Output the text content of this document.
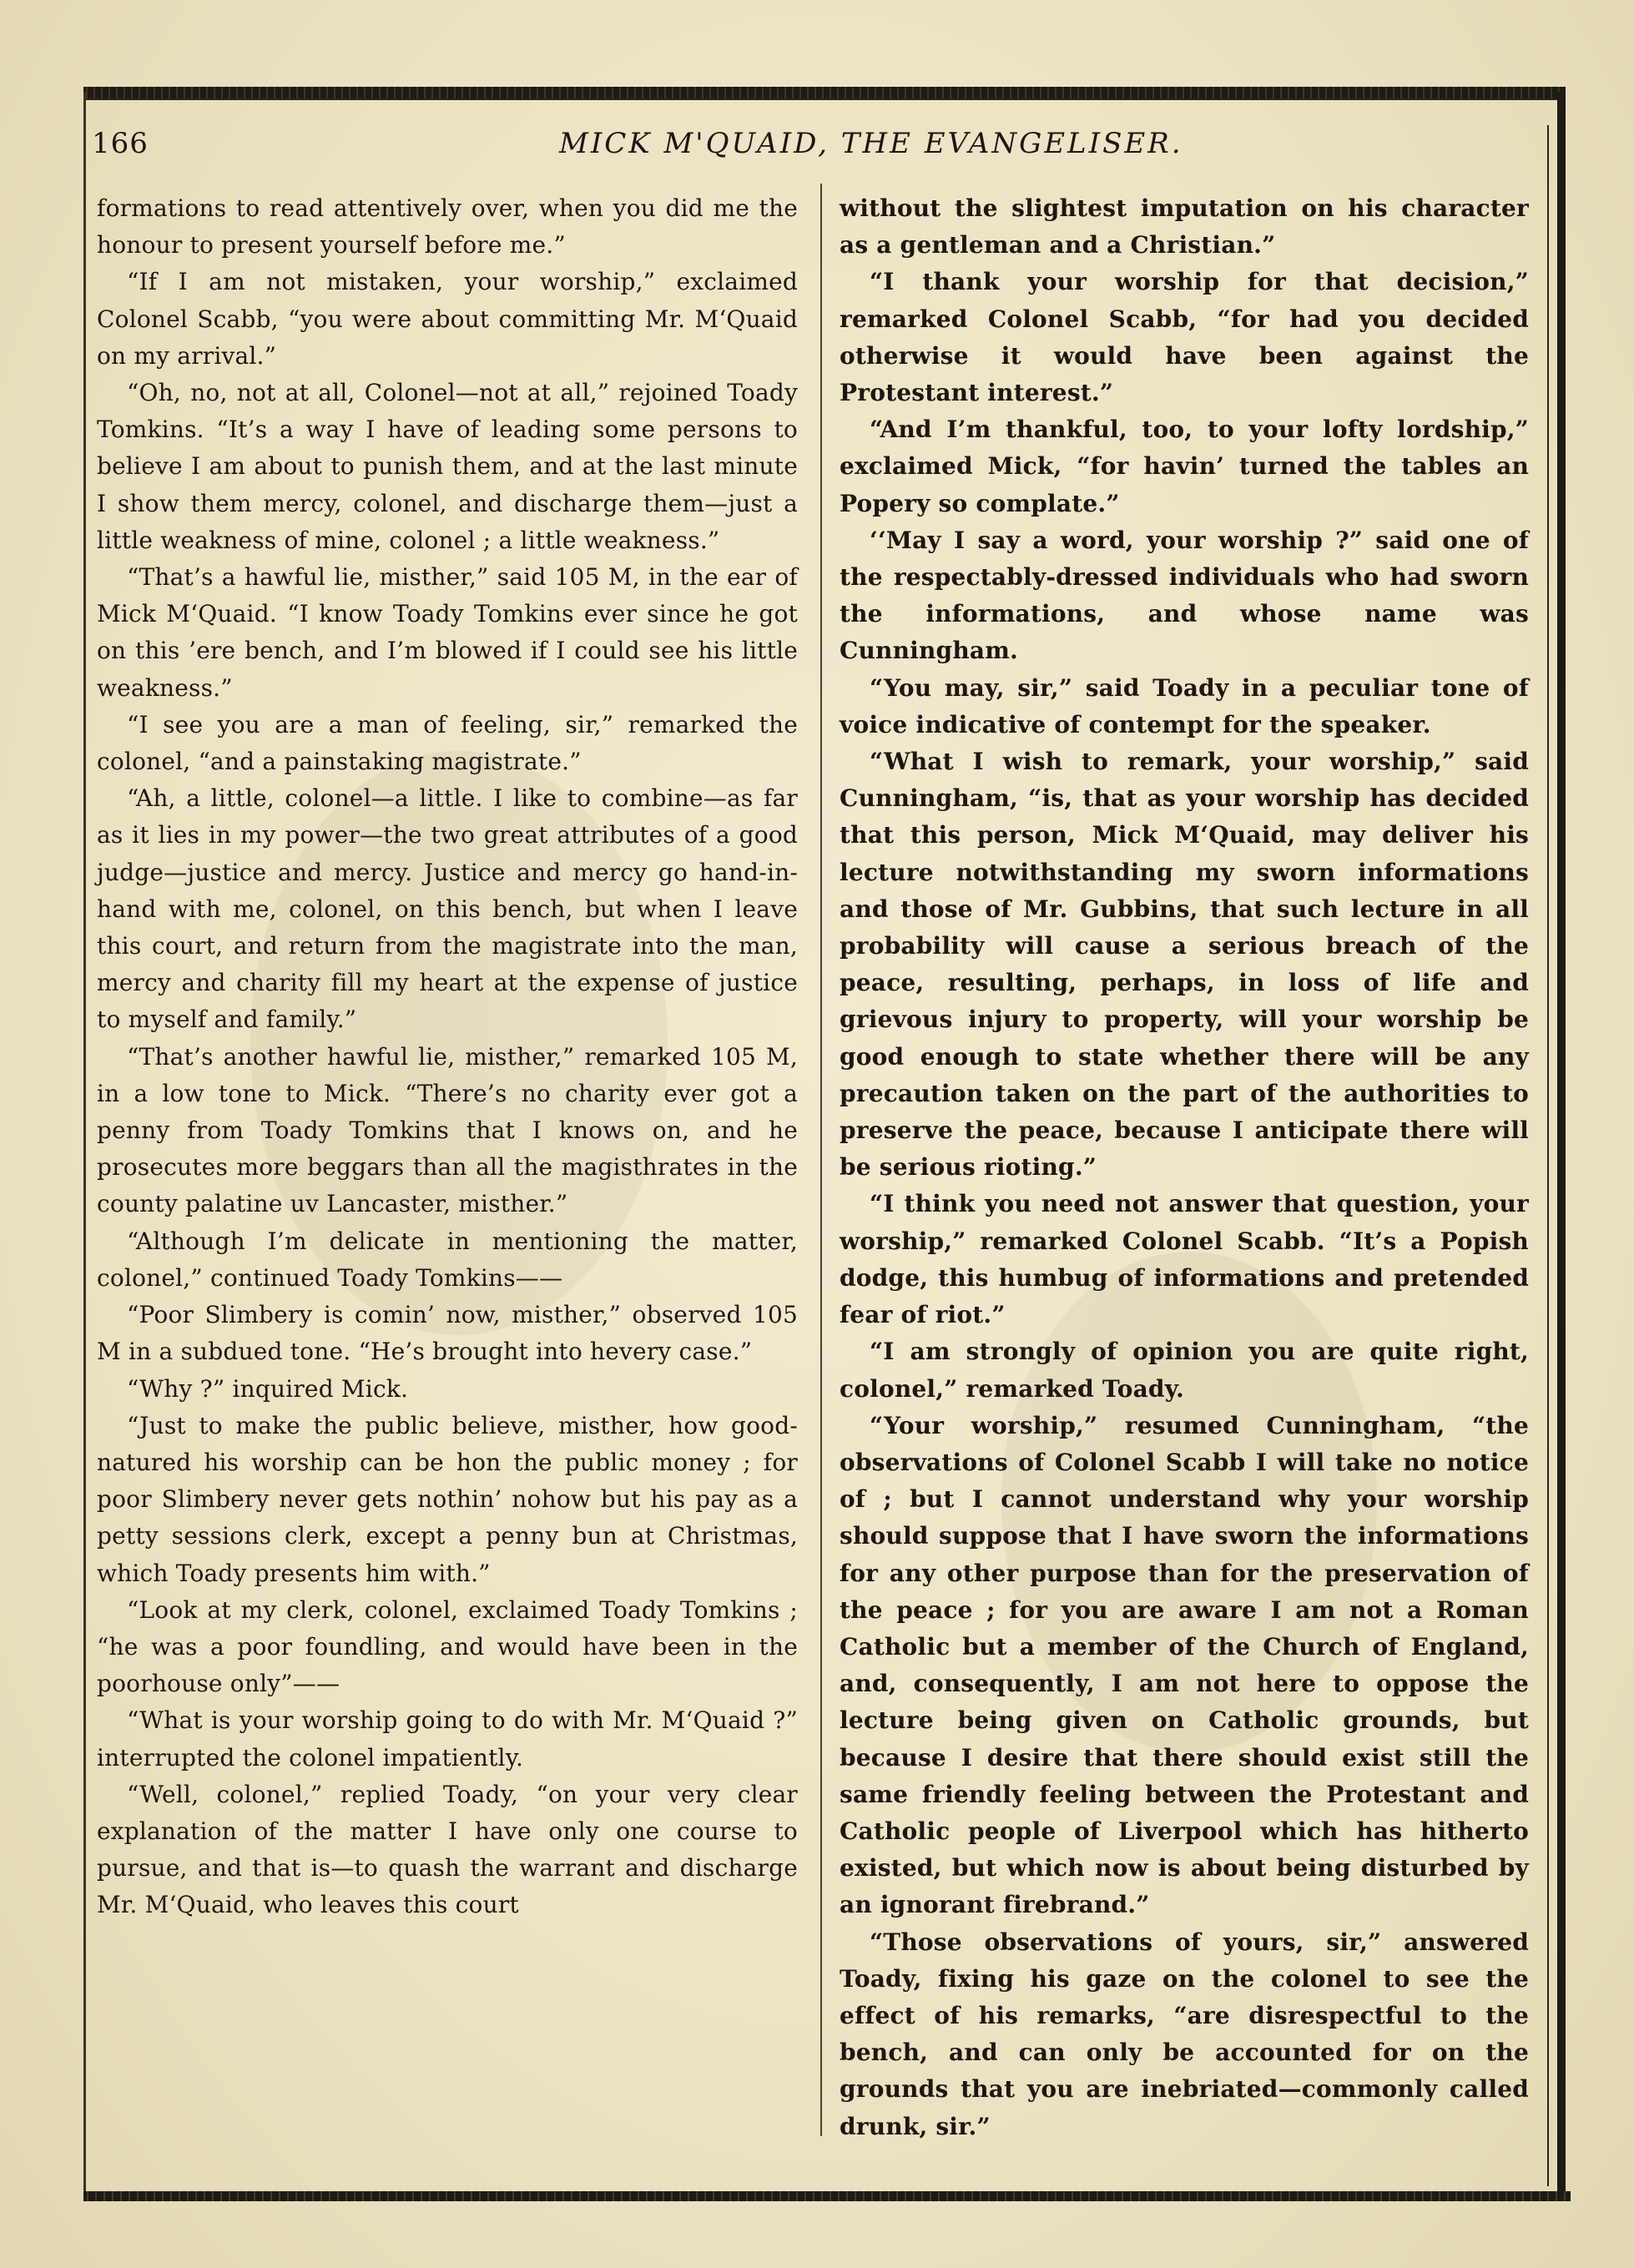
166	MICK M'QUAID, THE EVANGELISER.

formations to read attentively over, when you did me the honour to present yourself before me.”

“If I am not mistaken, your worship,” exclaimed Colonel Scabb, “you were about committing Mr. M‘Quaid on my arrival.”

“Oh, no, not at all, Colonel—not at all,” rejoined Toady Tomkins. “It’s a way I have of leading some persons to believe I am about to punish them, and at the last minute I show them mercy, colonel, and discharge them—just a little weakness of mine, colonel ; a little weakness.”

“That’s a hawful lie, misther,” said 105 M, in the ear of Mick M‘Quaid. “I know Toady Tomkins ever since he got on this ’ere bench, and I’m blowed if I could see his little weakness.”

“I see you are a man of feeling, sir,” remarked the colonel, “and a painstaking magistrate.”

“Ah, a little, colonel—a little. I like to combine—as far as it lies in my power—the two great attributes of a good judge—justice and mercy. Justice and mercy go hand-in-hand with me, colonel, on this bench, but when I leave this court, and return from the magistrate into the man, mercy and charity fill my heart at the expense of justice to myself and family.”

“That’s another hawful lie, misther,” remarked 105 M, in a low tone to Mick. “There’s no charity ever got a penny from Toady Tomkins that I knows on, and he prosecutes more beggars than all the magisthrates in the county palatine uv Lancaster, misther.”

“Although I’m delicate in mentioning the matter, colonel,” continued Toady Tomkins——

“Poor Slimbery is comin’ now, misther,” observed 105 M in a subdued tone. “He’s brought into hevery case.”

“Why ?” inquired Mick.

“Just to make the public believe, misther, how good-natured his worship can be hon the public money ; for poor Slimbery never gets nothin’ nohow but his pay as a petty sessions clerk, except a penny bun at Christmas, which Toady presents him with.”

“Look at my clerk, colonel, exclaimed Toady Tomkins ; “he was a poor foundling, and would have been in the poorhouse only”——

“What is your worship going to do with Mr. M‘Quaid ?” interrupted the colonel impatiently.

“Well, colonel,” replied Toady, “on your very clear explanation of the matter I have only one course to pursue, and that is—to quash the warrant and discharge Mr. M‘Quaid, who leaves this court

without the slightest imputation on his character as a gentleman and a Christian.”

“I thank your worship for that decision,” remarked Colonel Scabb, “for had you decided otherwise it would have been against the Protestant interest.”

“And I’m thankful, too, to your lofty lordship,” exclaimed Mick, “for havin’ turned the tables an Popery so complate.”

‘‘May I say a word, your worship ?” said one of the respectably-dressed individuals who had sworn the informations, and whose name was Cunningham.

“You may, sir,” said Toady in a peculiar tone of voice indicative of contempt for the speaker.

“What I wish to remark, your worship,” said Cunningham, “is, that as your worship has decided that this person, Mick M‘Quaid, may deliver his lecture notwithstanding my sworn informations and those of Mr. Gubbins, that such lecture in all probability will cause a serious breach of the peace, resulting, perhaps, in loss of life and grievous injury to property, will your worship be good enough to state whether there will be any precaution taken on the part of the authorities to preserve the peace, because I anticipate there will be serious rioting.”

“I think you need not answer that question, your worship,” remarked Colonel Scabb. “It’s a Popish dodge, this humbug of informations and pretended fear of riot.”

“I am strongly of opinion you are quite right, colonel,” remarked Toady.

“Your worship,” resumed Cunningham, “the observations of Colonel Scabb I will take no notice of ; but I cannot understand why your worship should suppose that I have sworn the informations for any other purpose than for the preservation of the peace ; for you are aware I am not a Roman Catholic but a member of the Church of England, and, consequently, I am not here to oppose the lecture being given on Catholic grounds, but because I desire that there should exist still the same friendly feeling between the Protestant and Catholic people of Liverpool which has hitherto existed, but which now is about being disturbed by an ignorant firebrand.”

“Those observations of yours, sir,” answered Toady, fixing his gaze on the colonel to see the effect of his remarks, “are disrespectful to the bench, and can only be accounted for on the grounds that you are inebriated—commonly called drunk, sir.”
